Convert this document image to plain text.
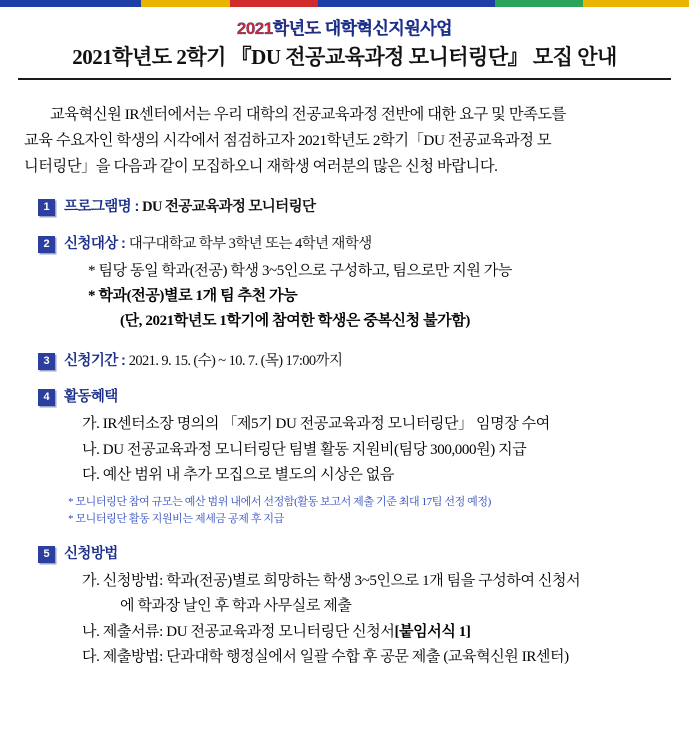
2021학년도 대학혁신지원사업

2021학년도 2학기 『DU 전공교육과정 모니터링단』 모집 안내

교육혁신원 IR센터에서는 우리 대학의 전공교육과정 전반에 대한 요구 및 만족도를
교육 수요자인 학생의 시각에서 점검하고자 2021학년도 2학기「DU 전공교육과정 모
니터링단」을 다음과 같이 모집하오니 재학생 여러분의 많은 신청 바랍니다.

1 프로그램명 : DU 전공교육과정 모니터링단
2 신청대상 : 대구대학교 학부 3학년 또는 4학년 재학생
* 팀당 동일 학과(전공) 학생 3~5인으로 구성하고, 팀으로만 지원 가능
* 학과(전공)별로 1개 팀 추천 가능
(단, 2021학년도 1학기에 참여한 학생은 중복신청 불가함)
3 신청기간 : 2021. 9. 15. (수) ~ 10. 7. (목) 17:00까지
4 활동혜택
가. IR센터소장 명의의 「제5기 DU 전공교육과정 모니터링단」 임명장 수여
나. DU 전공교육과정 모니터링단 팀별 활동 지원비(팀당 300,000원) 지급
다. 예산 범위 내 추가 모집으로 별도의 시상은 없음
* 모니터링단 참여 규모는 예산 범위 내에서 선정함(활동 보고서 제출 기준 최대 17팀 선정 예정)
* 모니터링단 활동 지원비는 제세금 공제 후 지급
5 신청방법
가. 신청방법: 학과(전공)별로 희망하는 학생 3~5인으로 1개 팀을 구성하여 신청서
에 학과장 날인 후 학과 사무실로 제출
나. 제출서류: DU 전공교육과정 모니터링단 신청서[붙임서식 1]
다. 제출방법: 단과대학 행정실에서 일괄 수합 후 공문 제출 (교육혁신원 IR센터)
